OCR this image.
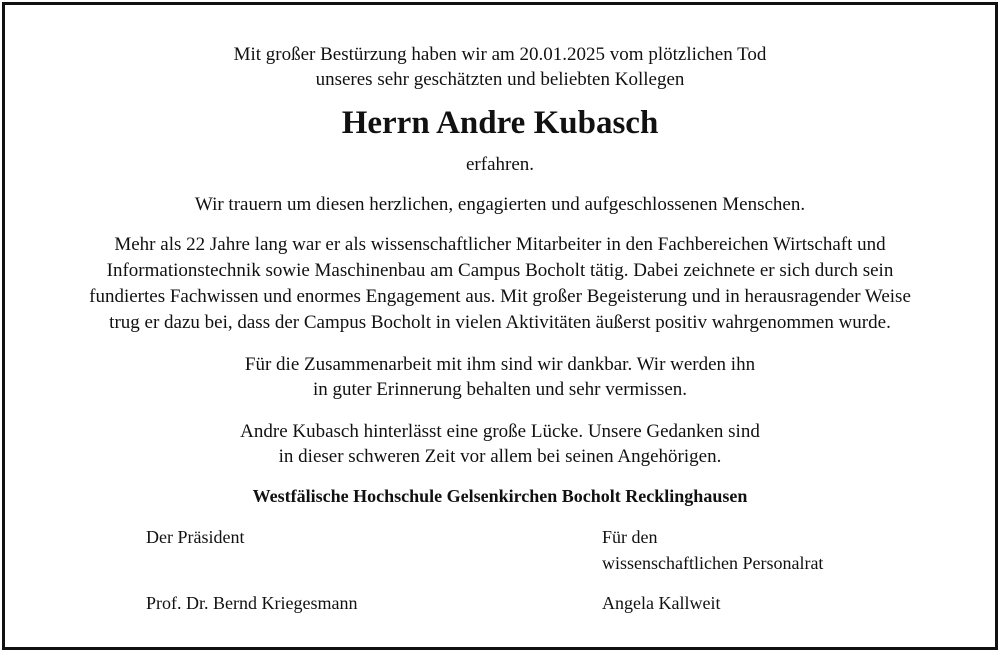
Mit großer Bestürzung haben wir am 20.01.2025 vom plötzlichen Tod
unseres sehr geschätzten und beliebten Kollegen
Herrn Andre Kubasch
erfahren.
Wir trauern um diesen herzlichen, engagierten und aufgeschlossenen Menschen.
Mehr als 22 Jahre lang war er als wissenschaftlicher Mitarbeiter in den Fachbereichen Wirtschaft und
Informationstechnik sowie Maschinenbau am Campus Bocholt tätig. Dabei zeichnete er sich durch sein
fundiertes Fachwissen und enormes Engagement aus. Mit großer Begeisterung und in herausragender Weise
trug er dazu bei, dass der Campus Bocholt in vielen Aktivitäten äußerst positiv wahrgenommen wurde.
Für die Zusammenarbeit mit ihm sind wir dankbar. Wir werden ihn
in guter Erinnerung behalten und sehr vermissen.
Andre Kubasch hinterlässt eine große Lücke. Unsere Gedanken sind
in dieser schweren Zeit vor allem bei seinen Angehörigen.
Westfälische Hochschule Gelsenkirchen Bocholt Recklinghausen
Der Präsident
Prof. Dr. Bernd Kriegesmann
Für den
wissenschaftlichen Personalrat
Angela Kallweit
